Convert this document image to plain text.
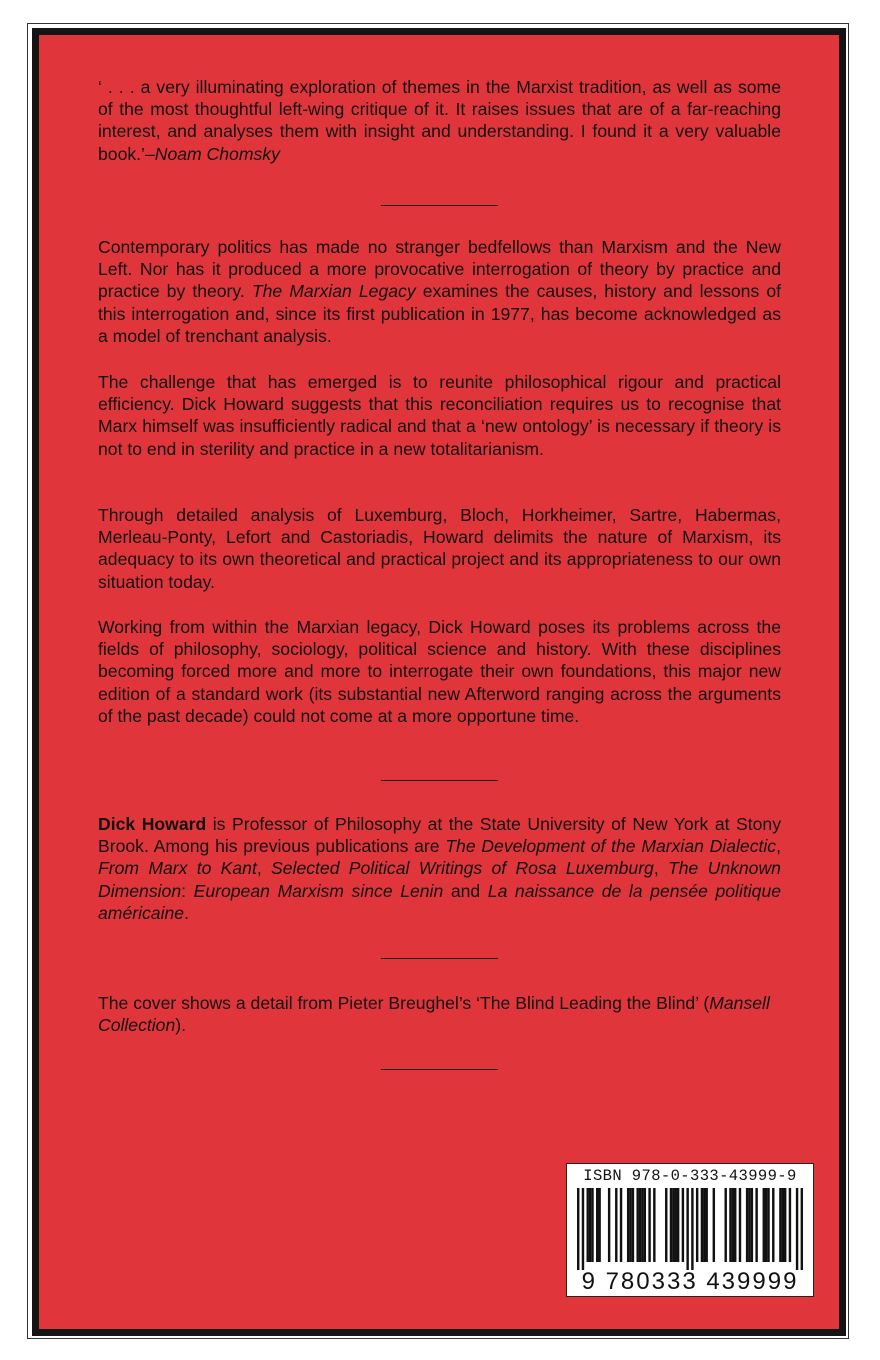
‘ . . . a very illuminating exploration of themes in the Marxist tradition, as well as some of the most thoughtful left-wing critique of it. It raises issues that are of a far-reaching interest, and analyses them with insight and understanding. I found it a very valuable book.’–Noam Chomsky

Contemporary politics has made no stranger bedfellows than Marxism and the New Left. Nor has it produced a more provocative interrogation of theory by practice and practice by theory. The Marxian Legacy examines the causes, history and lessons of this interrogation and, since its first publication in 1977, has become acknowledged as a model of trenchant analysis.

The challenge that has emerged is to reunite philosophical rigour and practical efficiency. Dick Howard suggests that this reconciliation requires us to recognise that Marx himself was insufficiently radical and that a ‘new ontology’ is necessary if theory is not to end in sterility and practice in a new totalitarianism.

Through detailed analysis of Luxemburg, Bloch, Horkheimer, Sartre, Habermas, Merleau-Ponty, Lefort and Castoriadis, Howard delimits the nature of Marxism, its adequacy to its own theoretical and practical project and its appropriateness to our own situation today.

Working from within the Marxian legacy, Dick Howard poses its problems across the fields of philosophy, sociology, political science and history. With these disciplines becoming forced more and more to interrogate their own foundations, this major new edition of a standard work (its substantial new Afterword ranging across the arguments of the past decade) could not come at a more opportune time.

Dick Howard is Professor of Philosophy at the State University of New York at Stony Brook. Among his previous publications are The Development of the Marxian Dialectic, From Marx to Kant, Selected Political Writings of Rosa Luxemburg, The Unknown Dimension: European Marxism since Lenin and La naissance de la pensée politique américaine.

The cover shows a detail from Pieter Breughel’s ‘The Blind Leading the Blind’ (Mansell Collection).

ISBN 978-0-333-43999-9
9 780333 439999
